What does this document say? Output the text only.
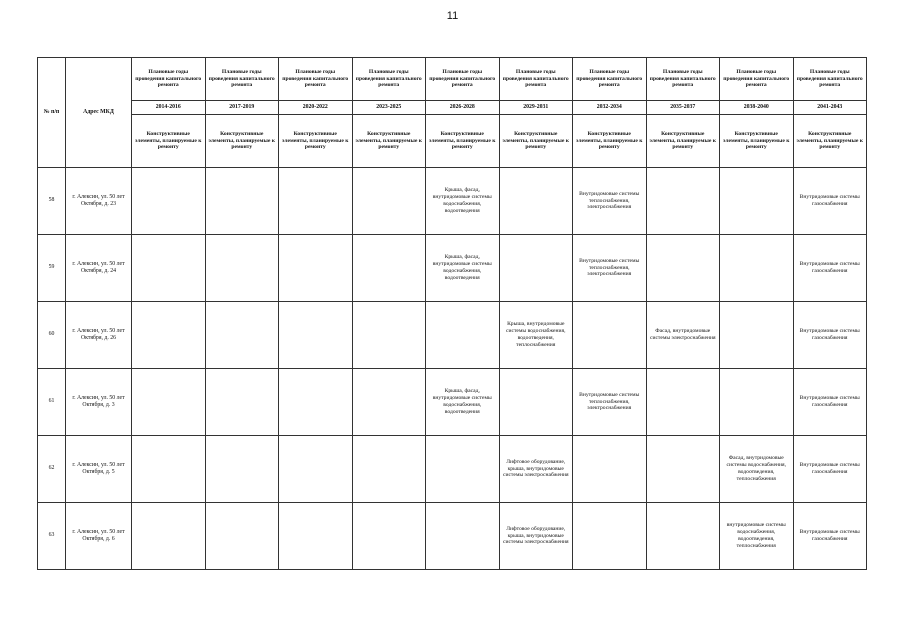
11
№ п/п	Адрес МКД	Плановые годы проведения капитального ремонта	Плановые годы проведения капитального ремонта	Плановые годы проведения капитального ремонта	Плановые годы проведения капитального ремонта	Плановые годы проведения капитального ремонта	Плановые годы проведения капитального ремонта	Плановые годы проведения капитального ремонта	Плановые годы проведения капитального ремонта	Плановые годы проведения капитального ремонта	Плановые годы проведения капитального ремонта
		2014-2016	2017-2019	2020-2022	2023-2025	2026-2028	2029-2031	2032-2034	2035-2037	2038-2040	2041-2043
		Конструктивные элементы, планируемые к ремонту	Конструктивные элементы, планируемые к ремонту	Конструктивные элементы, планируемые к ремонту	Конструктивные элементы, планируемые к ремонту	Конструктивные элементы, планируемые к ремонту	Конструктивные элементы, планируемые к ремонту	Конструктивные элементы, планируемые к ремонту	Конструктивные элементы, планируемые к ремонту	Конструктивные элементы, планируемые к ремонту	Конструктивные элементы, планируемые к ремонту
58	г. Алексин, ул. 50 лет Октября, д. 23					Крыша, фасад, внутридомовые системы водоснабжения, водоотведения		Внутридомовые системы теплоснабжения, электроснабжения			Внутридомовые системы газоснабжения
59	г. Алексин, ул. 50 лет Октября, д. 24					Крыша, фасад, внутридомовые системы водоснабжения, водоотведения		Внутридомовые системы теплоснабжения, электроснабжения			Внутридомовые системы газоснабжения
60	г. Алексин, ул. 50 лет Октября, д. 26						Крыша, внутридомовые системы водоснабжения, водоотведения, теплоснабжения		Фасад, внутридомовые системы электроснабжения		Внутридомовые системы газоснабжения
61	г. Алексин, ул. 50 лет Октября, д. 3					Крыша, фасад, внутридомовые системы водоснабжения, водоотведения		Внутридомовые системы теплоснабжения, электроснабжения			Внутридомовые системы газоснабжения
62	г. Алексин, ул. 50 лет Октября, д. 5						Лифтовое оборудование, крыша, внутридомовые системы электроснабжения			Фасад, внутридомовые системы водоснабжения, водоотведения, теплоснабжения	Внутридомовые системы газоснабжения
63	г. Алексин, ул. 50 лет Октября, д. 6						Лифтовое оборудование, крыша, внутридомовые системы электроснабжения			внутридомовые системы водоснабжения, водоотведения, теплоснабжения	Внутридомовые системы газоснабжения
